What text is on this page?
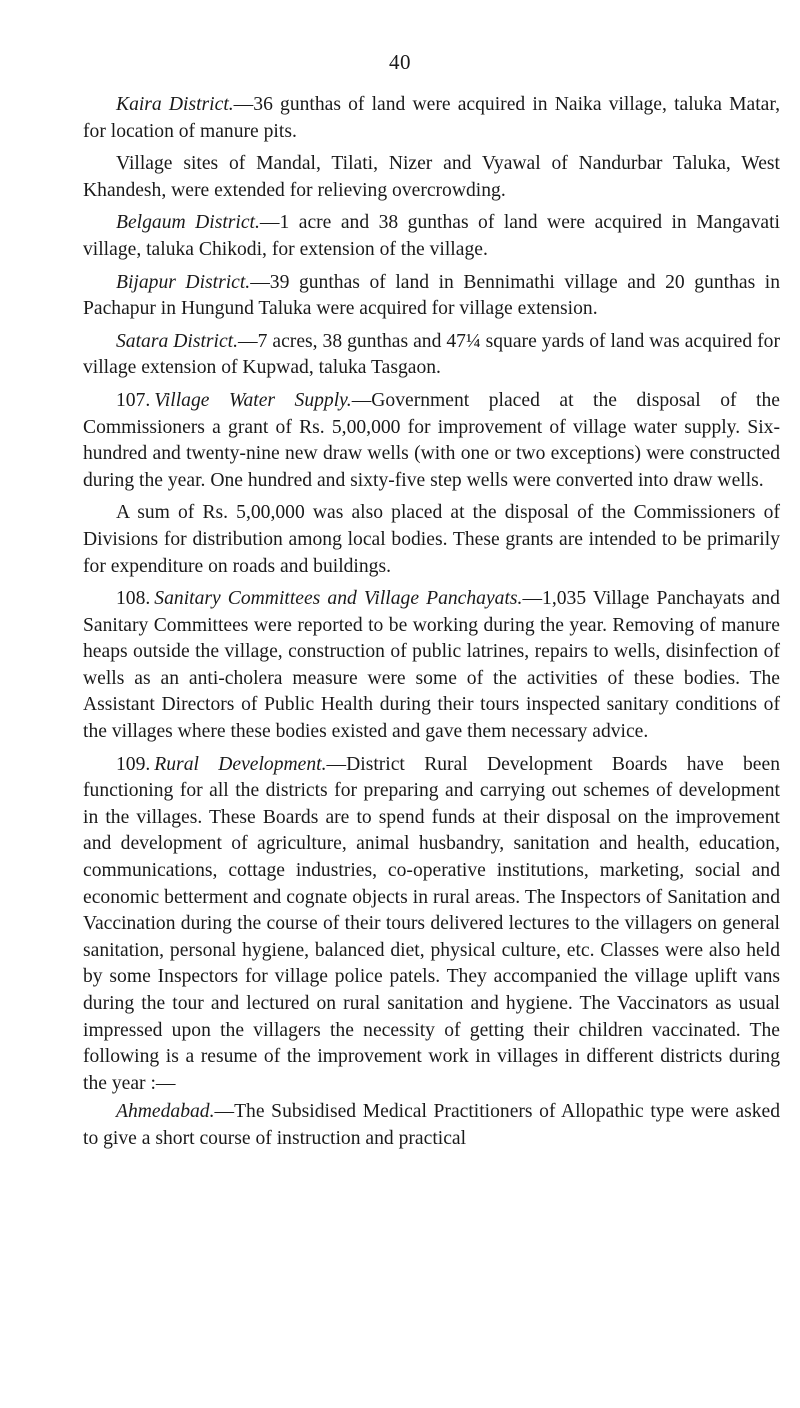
40

Kaira District.—36 gunthas of land were acquired in Naika village, taluka Matar, for location of manure pits.

Village sites of Mandal, Tilati, Nizer and Vyawal of Nandurbar Taluka, West Khandesh, were extended for relieving overcrowding.

Belgaum District.—1 acre and 38 gunthas of land were acquired in Mangavati village, taluka Chikodi, for extension of the village.

Bijapur District.—39 gunthas of land in Bennimathi village and 20 gunthas in Pachapur in Hungund Taluka were acquired for village extension.

Satara District.—7 acres, 38 gunthas and 47¼ square yards of land was acquired for village extension of Kupwad, taluka Tasgaon.

107. Village Water Supply.—Government placed at the disposal of the Commissioners a grant of Rs. 5,00,000 for improvement of village water supply. Six-hundred and twenty-nine new draw wells (with one or two exceptions) were constructed during the year. One hundred and sixty-five step wells were converted into draw wells.

A sum of Rs. 5,00,000 was also placed at the disposal of the Commissioners of Divisions for distribution among local bodies. These grants are intended to be primarily for expenditure on roads and buildings.

108. Sanitary Committees and Village Panchayats.—1,035 Village Panchayats and Sanitary Committees were reported to be working during the year. Removing of manure heaps outside the village, construction of public latrines, repairs to wells, disinfection of wells as an anti-cholera measure were some of the activities of these bodies. The Assistant Directors of Public Health during their tours inspected sanitary conditions of the villages where these bodies existed and gave them necessary advice.

109. Rural Development.—District Rural Development Boards have been functioning for all the districts for preparing and carrying out schemes of development in the villages. These Boards are to spend funds at their disposal on the improvement and development of agriculture, animal husbandry, sanitation and health, education, communications, cottage industries, co-operative institutions, marketing, social and economic betterment and cognate objects in rural areas. The Inspectors of Sanitation and Vaccination during the course of their tours delivered lectures to the villagers on general sanitation, personal hygiene, balanced diet, physical culture, etc. Classes were also held by some Inspectors for village police patels. They accompanied the village uplift vans during the tour and lectured on rural sanitation and hygiene. The Vaccinators as usual impressed upon the villagers the necessity of getting their children vaccinated. The following is a resume of the improvement work in villages in different districts during the year :—

Ahmedabad.—The Subsidised Medical Practitioners of Allopathic type were asked to give a short course of instruction and practical
